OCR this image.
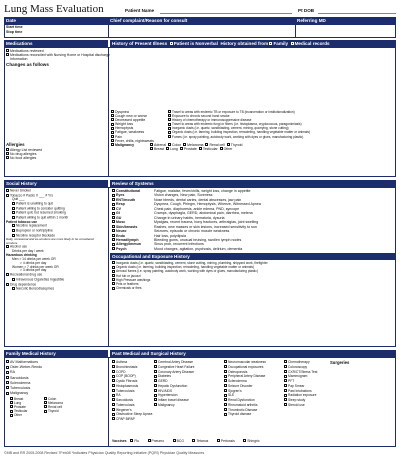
Lung Mass Evaluation	Patient Name	Pt DOB
Date	Chief complaint/Reason for consult	Referring MD
Start time
Stop time
Medications	History of Present Illness Patient is Nonverbal History obtained from Family Medical records
Medications reviewed
Medications reconciled with Nursing Home or Hospital discharge
Information
Changes as follows
Allergies
Allergy List reviewed
No drug allergies
No food allergies
Dyspnea
Cough new or worse
Decreased appetite
Weight loss
Hemoptysis
Fatigue, weakness
Pain
Fever, chills, nightsweats
Malignancy
Travel to areas with endemic TB or exposure to TB (incarceration or institutionalization)
Exposure to chronic second hand smoke
History of chemotherapy or immunosuppressive disease
Travel to areas with endemic fungi or fibers (i.e. histoplasma, cryptococcus, paragonimiasis)
Inorganic dusts (i.e. quartz, sandblasting, cement, mining, quarrying, stone cutting)
Organic dusts (i.e. farming, building inspection, remodeling, handling vegetable matter or animals)
Fumes (i.e. spray painting, autobody work, working with dyes or glues, manufacturing plastic)
Adrenal Colon Melanoma Renal cell Thyroid
Breast Lung Prostate Testicular Other
Social History	Review of Systems
Never Smoker
Tobacco # Packs X ___ # Yrs
Quit ___
Patient is unwilling to quit
Patient willing to consider quitting
Patient quit, but resumed smoking
Patient willing to quit within 1 month
Patient tobacco use
Nicotine replacement
Bupropion or nortriptyline
Nicotine receptor blockade
Daily, occasional and ex-smokers are more likely to be considered smokers
Alcohol use
Drinks per day / week
Hazardous drinking
Men > 14 drinks per week OR
> 4 drinks per day
Women > 7 drinks per week OR
> 3 drinks per day
Recreational drug use
Intravenous Cigarettes Ingestible
Drug dependence
Narcotic Benzodiazepines
Constitutional	Fatigue, malaise, fever/chills, weight loss, change in appetite
Eyes	Vision changes, New pain, Soreness
ENT/mouth	Nose bleeds, dental caries, dental abscesses, jaw pain
Resp	Dyspnea, Cough, Phlegm, Hemoptysis, Wheeze, Witnessed Apnea
CV	Chest pain, diaphoresis, ankle edema, PND, syncope
GI	Cramps, dysphagia, GERD, abdominal pain, diarrhea, melena
GU	Change in urinary habits, hematuria, dysuria
Musc	Myalgias, recent trauma, bony fractures, arthralgias, joint swelling
Skin/breasts	Rashes, new masses or skin lesions, increased sensitivity to sun
Neuro	Seizures, episodic or chronic muscle weakness
Endo	Hair loss, polydipsia
Hemat/lymph	Bleeding gums, unusual bruising, swollen lymph nodes
Allergy/Immun	Sinus prob, recurrent infections
Psych	Mood changes, agitation, psychosis, delirium, dementia
Occupational and Exposure History
Inorganic dusts (i.e. quartz, sandblasting, cement, stone cutting, mining, plumbing, shipyard work, firefighter
Organic dusts (i.e. farming, building inspection, remodeling, handling vegetable matter or animals)
Aerosol fumes (i.e. spray painting, autobody work, working with dyes or glues, manufacturing plastic)
Hot tub or jacuzzi
High Pressure washings
Pets or feathers
Chemicals or fires
Family Medical History	Past Medical and Surgical History
AV Malformations
Osler-Weber-Rendu
RA
Sarcoidosis
Scleroderma
Tuberculosis
Malignancy
Breast
Lung
Prostate
Testicular
Other
Colon
Melanoma
Renal cell
Thyroid
Asthma
Bronchiectasis
COPD
COP (BOOP)
Cystic Fibrosis
Histoplasmosis
Tuberculosis
RA
Sarcoidosis
Tuberculosis
Wegener's
Obstructive Sleep Apnea
CPAP BiPAP
Cerebral Artery Disease
Congestive Heart Failure
Coronary Artery Disease
Diabetes
GERD
Hepatic Dysfunction
HIV/AIDS
Hypertension
Inflam bowel disease
Malignancy
Neuromuscular weakness
Occupational exposures
Osteoporosis
Peripheral Artery Disease
Scleroderma
Seizure Disorder
Sjogren's
SLE
Renal Dysfunction
Rheumatoid arthritis
Thrombotic Disease
Thyroid disease
Chemotherapy
Colonoscopy
CXR/CT/Stress Test
Mammogram
PFT
Pap Smear
Past Intubations
Radiation exposure
Sleep study
Steroid use
Surgeries
Vaccines Flu	Pneumo	BCG	Tetanus	Pertussis	Shingrix
©MB and RR 2005-2008 Revised 7Feb08 *Indicates Physician Quality Reporting Initiative (PQRI) Physician Quality Measures
